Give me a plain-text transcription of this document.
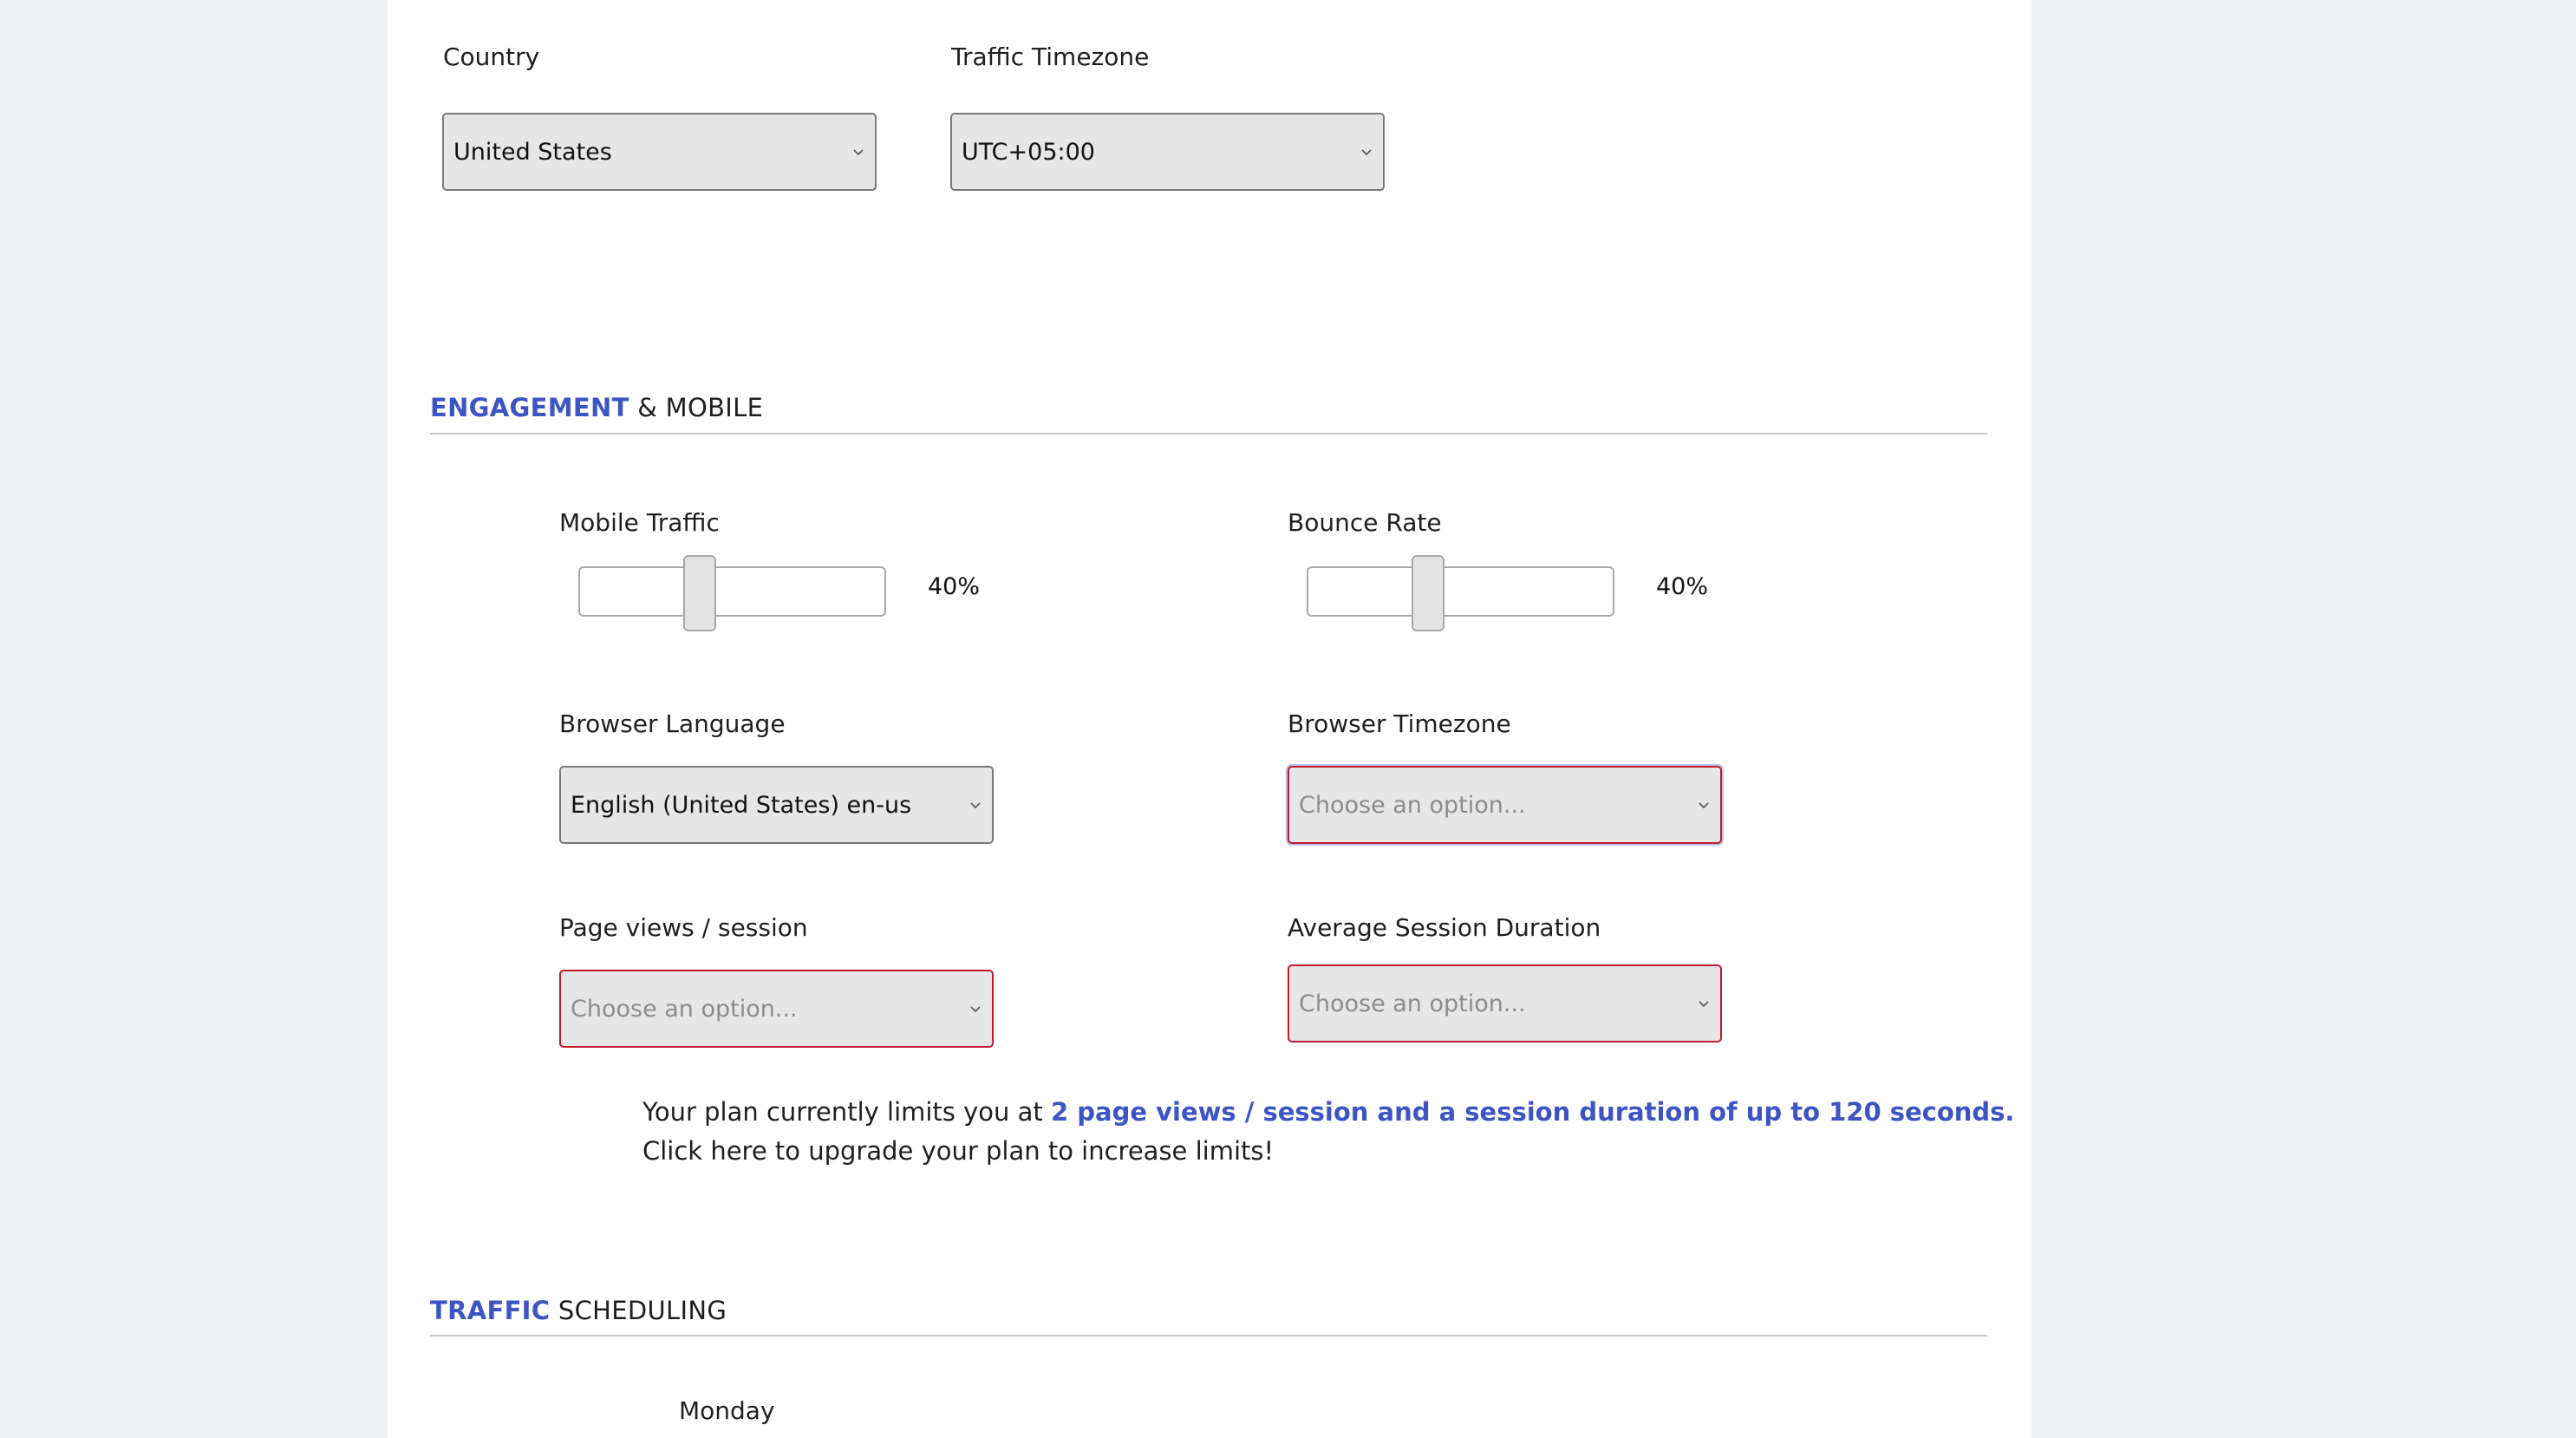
Country
United States
Traffic Timezone
UTC+05:00
ENGAGEMENT & MOBILE
Mobile Traffic
40%
Bounce Rate
40%
Browser Language
English (United States) en-us
Browser Timezone
Choose an option...
Page views / session
Choose an option...
Average Session Duration
Choose an option...
Your plan currently limits you at 2 page views / session and a session duration of up to 120 seconds.
Click here to upgrade your plan to increase limits!
TRAFFIC SCHEDULING
Monday
